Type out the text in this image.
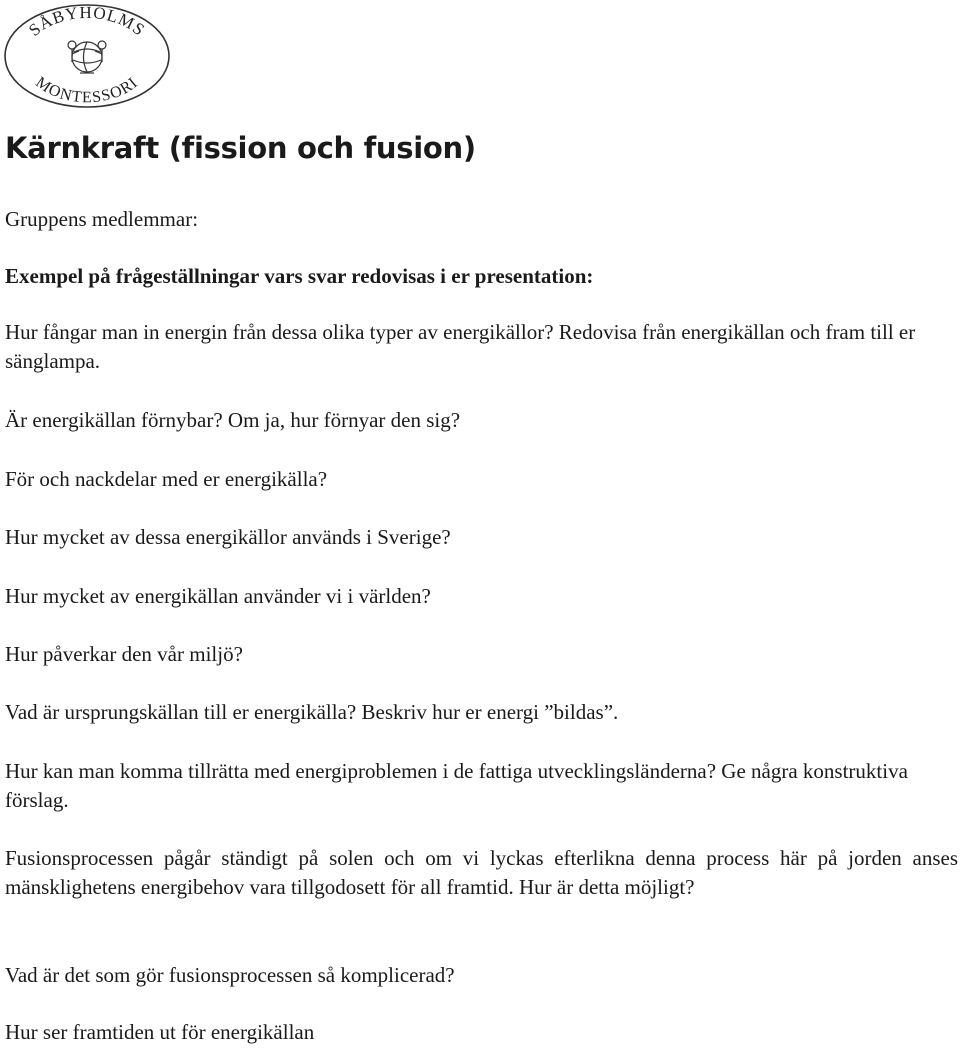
SÅBYHOLMS
MONTESSORI
Kärnkraft (fission och fusion)
Gruppens medlemmar:
Exempel på frågeställningar vars svar redovisas i er presentation:
Hur fångar man in energin från dessa olika typer av energikällor? Redovisa från energikällan och fram till er sänglampa.
Är energikällan förnybar? Om ja, hur förnyar den sig?
För och nackdelar med er energikälla?
Hur mycket av dessa energikällor används i Sverige?
Hur mycket av energikällan använder vi i världen?
Hur påverkar den vår miljö?
Vad är ursprungskällan till er energikälla? Beskriv hur er energi ”bildas”.
Hur kan man komma tillrätta med energiproblemen i de fattiga utvecklingsländerna? Ge några konstruktiva förslag.
Fusionsprocessen pågår ständigt på solen och om vi lyckas efterlikna denna process här på jorden anses mänsklighetens energibehov vara tillgodosett för all framtid. Hur är detta möjligt?
Vad är det som gör fusionsprocessen så komplicerad?
Hur ser framtiden ut för energikällan
